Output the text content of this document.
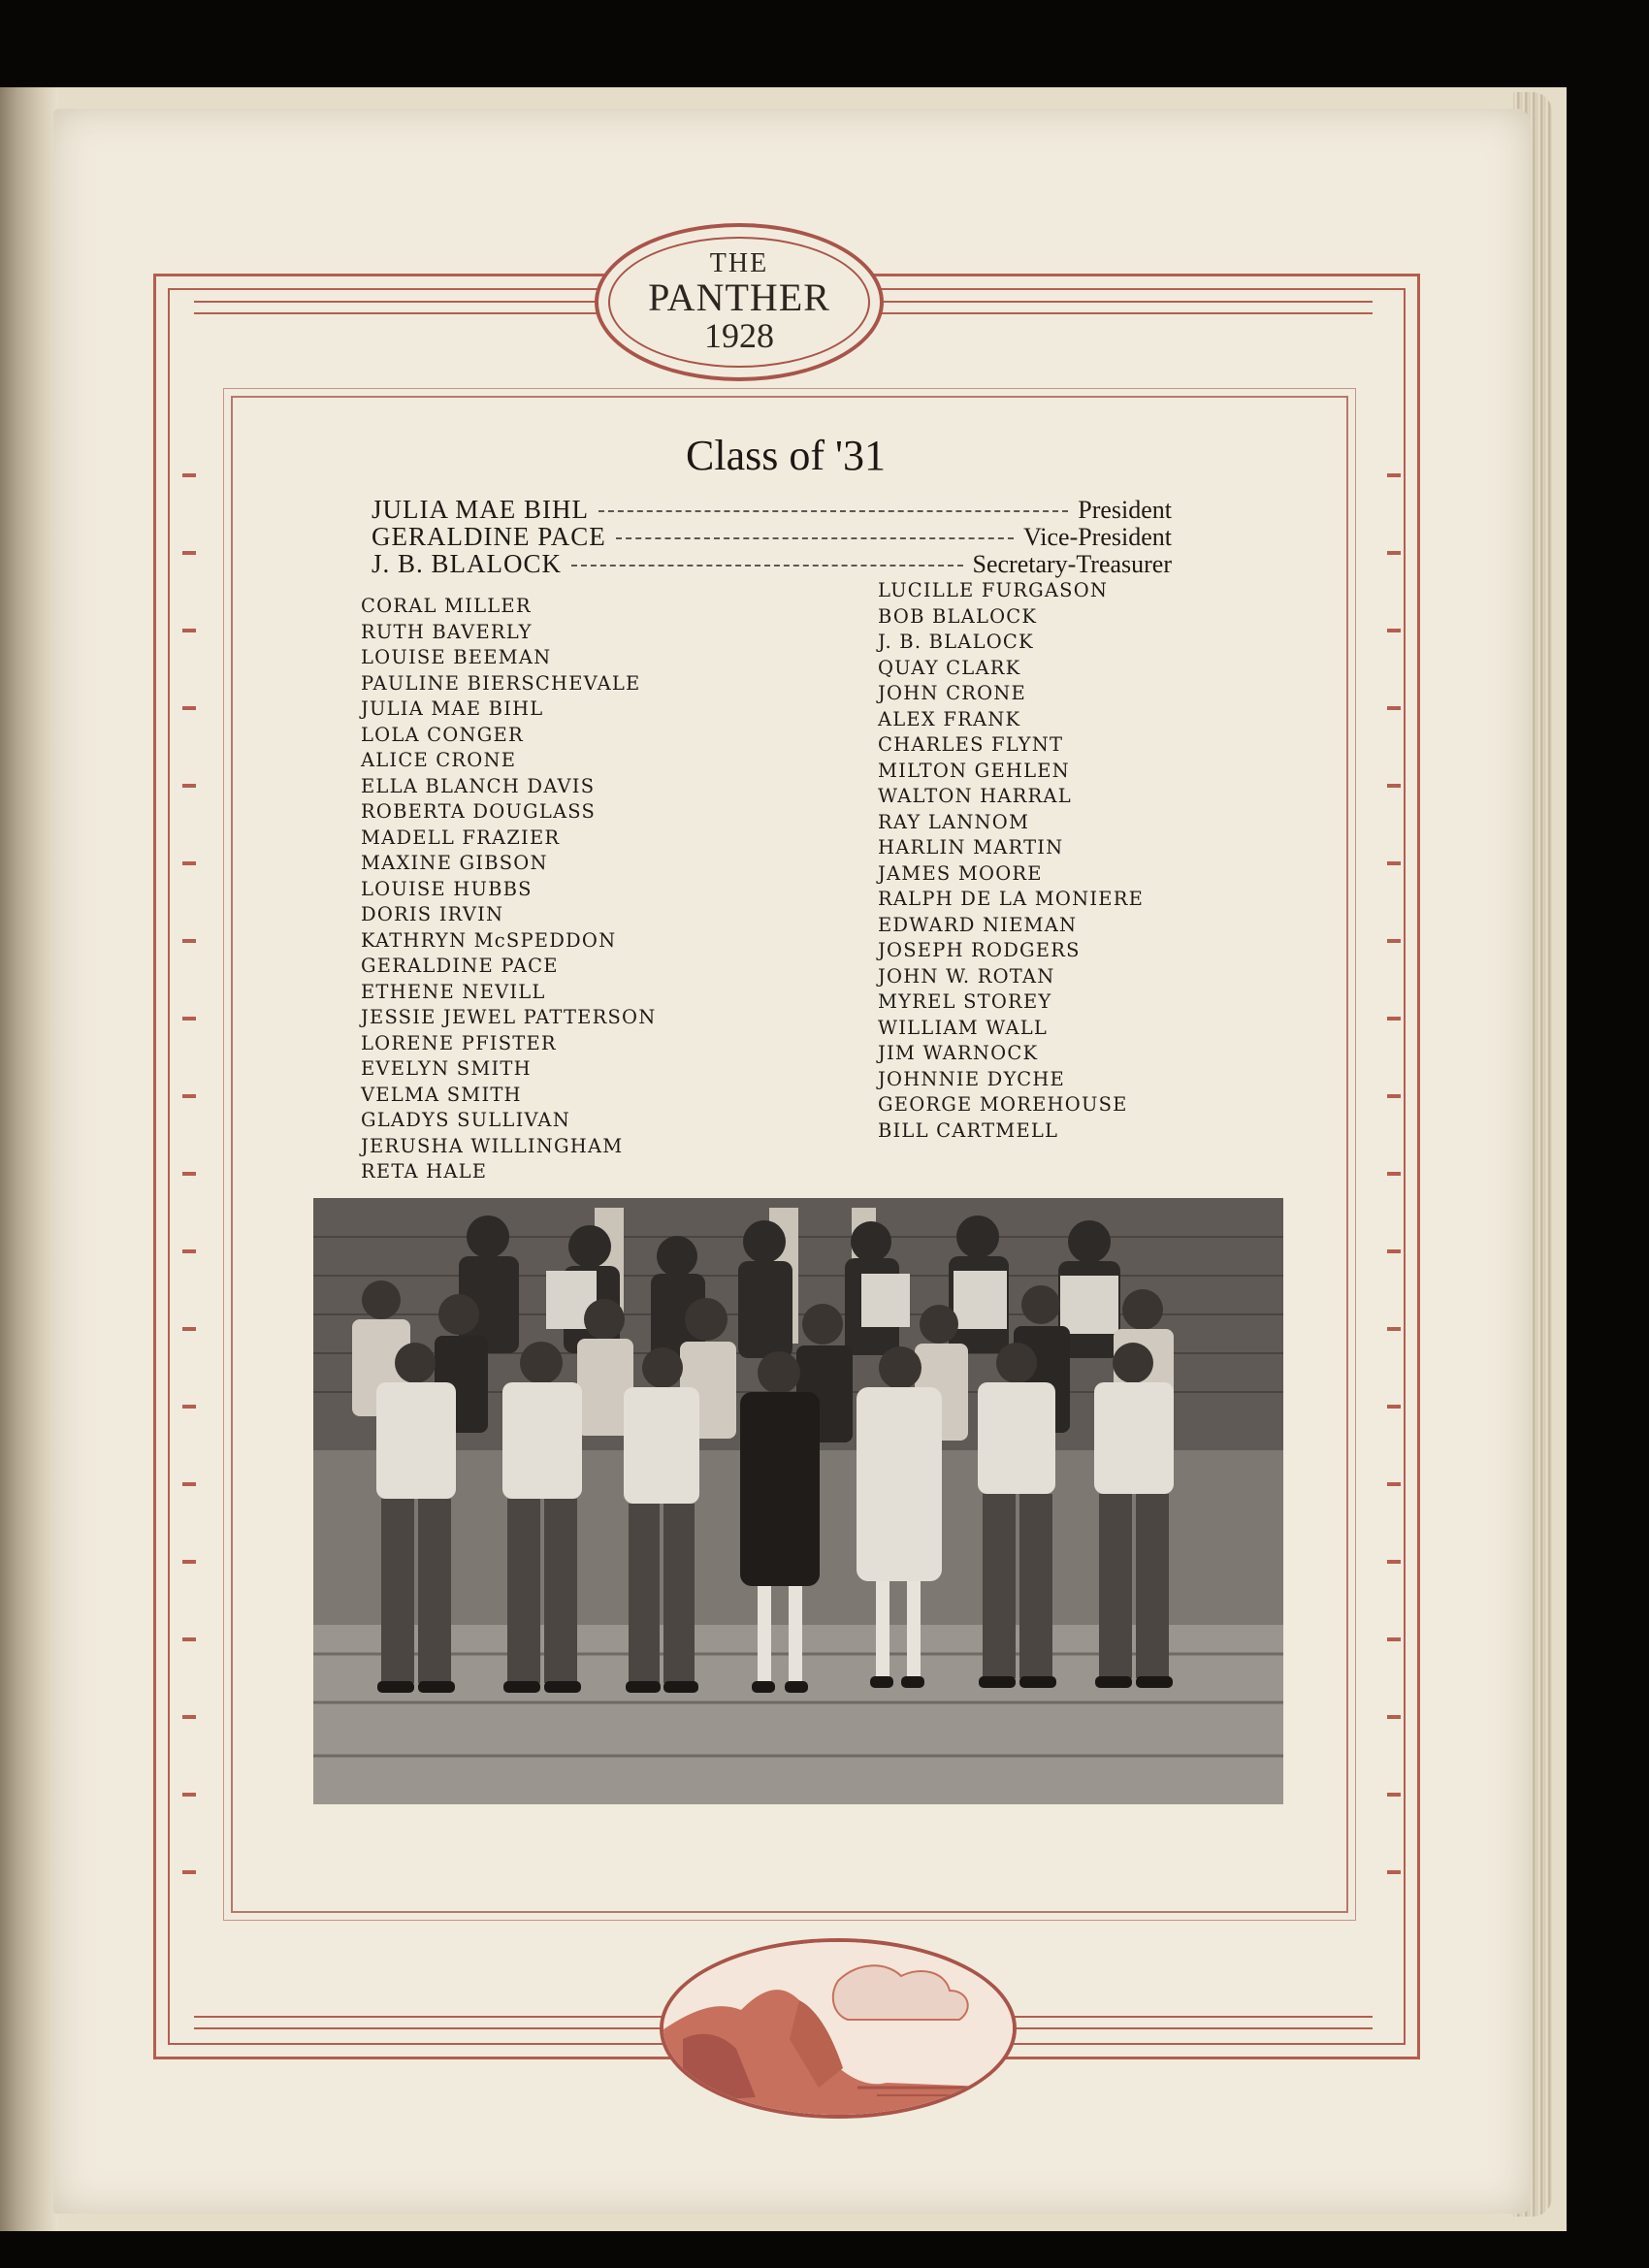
THE
PANTHER
1928
Class of '31
JULIA MAE BIHL	President
GERALDINE PACE	Vice-President
J. B. BLALOCK	Secretary-Treasurer
CORAL MILLER
RUTH BAVERLY
LOUISE BEEMAN
PAULINE BIERSCHEVALE
JULIA MAE BIHL
LOLA CONGER
ALICE CRONE
ELLA BLANCH DAVIS
ROBERTA DOUGLASS
MADELL FRAZIER
MAXINE GIBSON
LOUISE HUBBS
DORIS IRVIN
KATHRYN McSPEDDON
GERALDINE PACE
ETHENE NEVILL
JESSIE JEWEL PATTERSON
LORENE PFISTER
EVELYN SMITH
VELMA SMITH
GLADYS SULLIVAN
JERUSHA WILLINGHAM
RETA HALE
LUCILLE FURGASON
BOB BLALOCK
J. B. BLALOCK
QUAY CLARK
JOHN CRONE
ALEX FRANK
CHARLES FLYNT
MILTON GEHLEN
WALTON HARRAL
RAY LANNOM
HARLIN MARTIN
JAMES MOORE
RALPH DE LA MONIERE
EDWARD NIEMAN
JOSEPH RODGERS
JOHN W. ROTAN
MYREL STOREY
WILLIAM WALL
JIM WARNOCK
JOHNNIE DYCHE
GEORGE MOREHOUSE
BILL CARTMELL
